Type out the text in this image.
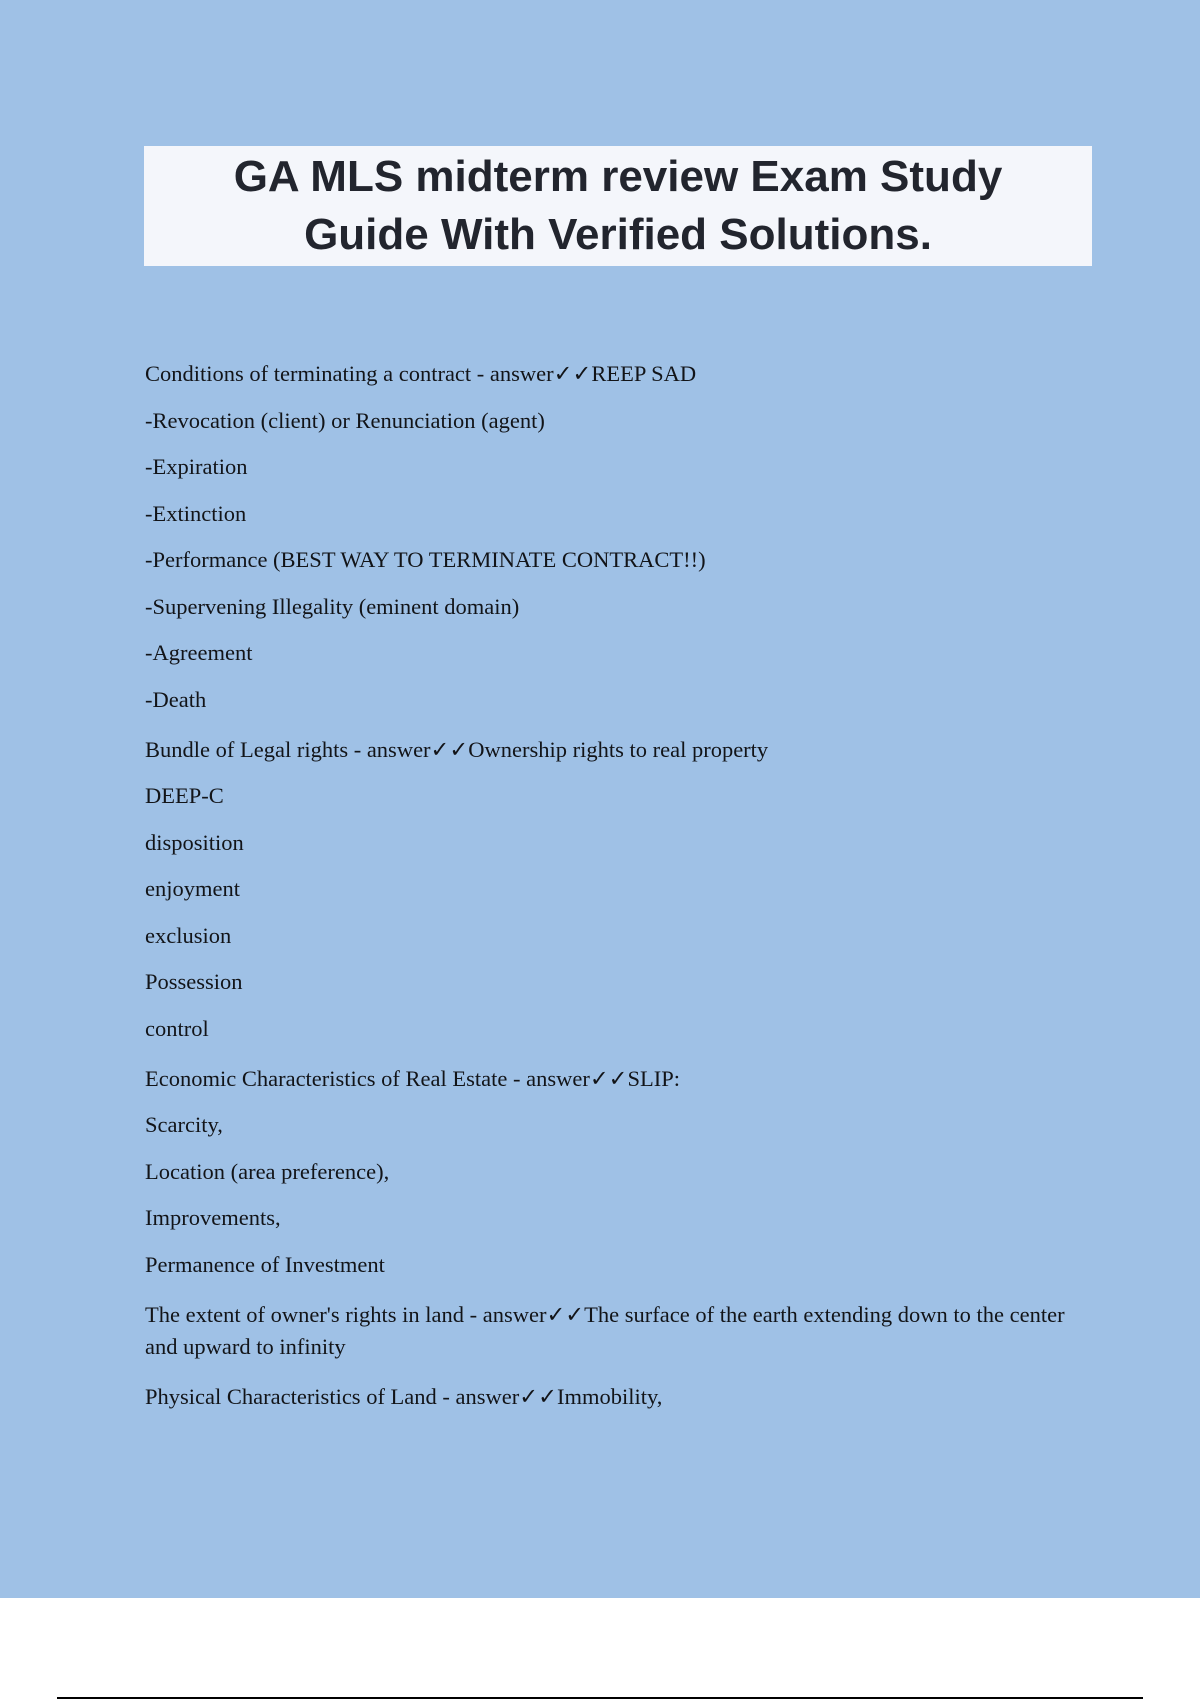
GA MLS midterm review Exam Study
Guide With Verified Solutions.
Conditions of terminating a contract - answer✓✓REEP SAD
-Revocation (client) or Renunciation (agent)
-Expiration
-Extinction
-Performance (BEST WAY TO TERMINATE CONTRACT!!)
-Supervening Illegality (eminent domain)
-Agreement
-Death
Bundle of Legal rights - answer✓✓Ownership rights to real property
DEEP-C
disposition
enjoyment
exclusion
Possession
control
Economic Characteristics of Real Estate - answer✓✓SLIP:
Scarcity,
Location (area preference),
Improvements,
Permanence of Investment
The extent of owner's rights in land - answer✓✓The surface of the earth extending down to the center and upward to infinity
Physical Characteristics of Land - answer✓✓Immobility,
